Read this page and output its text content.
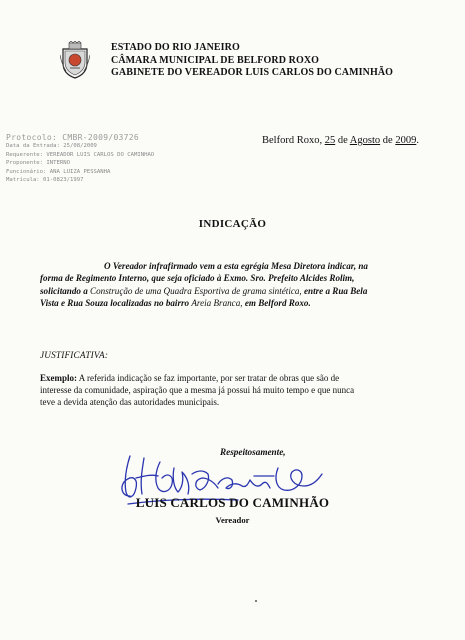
ESTADO DO RIO JANEIRO
CÂMARA MUNICIPAL DE BELFORD ROXO
GABINETE DO VEREADOR LUIS CARLOS DO CAMINHÃO
Protocolo: CMBR-2009/03726
Data da Entrada: 25/08/2009
Requerente: VEREADOR LUIS CARLOS DO CAMINHAO
Proponente: INTERNO
Funcionário: ANA LUIZA PESSANHA
Matrícula: 01-0823/1997
Belford Roxo, 25 de Agosto de 2009.
INDICAÇÃO
O Vereador infrafirmado vem a esta egrégia Mesa Diretora indicar, na
forma de Regimento Interno, que seja oficiado à Exmo. Sro. Prefeito Alcides Rolim,
solicitando a Construção de uma Quadra Esportiva de grama sintética, entre a Rua Bela
Vista e Rua Souza localizadas no bairro Areia Branca, em Belford Roxo.
JUSTIFICATIVA:
Exemplo: A referida indicação se faz importante, por ser tratar de obras que são de
interesse da comunidade, aspiração que a mesma já possui há muito tempo e que nunca
teve a devida atenção das autoridades municipais.
Respeitosamente,
LUIS CARLOS DO CAMINHÃO
Vereador
